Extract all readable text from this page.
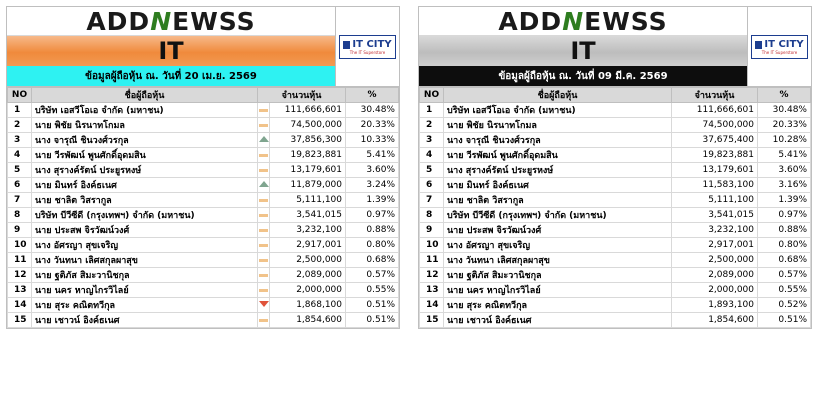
ADD N EWSS
IT
ข้อมูลผู้ถือหุ้น ณ. วันที่ 20 เม.ย. 2569
IT CITY
The IT Superstore
NO	ชื่อผู้ถือหุ้น	จำนวนหุ้น		%
1	บริษัท เอสวีโอเอ จำกัด (มหาชน)		111,666,601	30.48%
2	นาย พิชัย นิรนาทโกมล		74,500,000	20.33%
3	นาง จารุณี ชินวงศ์วรกุล		37,856,300	10.33%
4	นาย วีรพัฒน์ พูนศักดิ์อุดมสิน		19,823,881	5.41%
5	นาง สุรางค์รัตน์ ประยูรหงษ์		13,179,601	3.60%
6	นาย มินทร์ อิงค์ธเนศ		11,879,000	3.24%
7	นาย ชาลิต วิสรากูล		5,111,100	1.39%
8	บริษัท บีวีซีดี (กรุงเทพฯ) จำกัด (มหาชน)		3,541,015	0.97%
9	นาย ประสพ จิรวัฒน์วงศ์		3,232,100	0.88%
10	นาง อัศรญา สุขเจริญ		2,917,001	0.80%
11	นาง วันทนา เลิศสกุลผาสุข		2,500,000	0.68%
12	นาย ฐติภัส สิมะวานิชกุล		2,089,000	0.57%
13	นาย นคร หาญไกรวิไลย์		2,000,000	0.55%
14	นาย สุระ คณิตทวีกุล		1,868,100	0.51%
15	นาย เชาวน์ อิงค์ธเนศ		1,854,600	0.51%
ADD N EWSS
IT
ข้อมูลผู้ถือหุ้น ณ. วันที่ 09 มี.ค. 2569
IT CITY
The IT Superstore
NO	ชื่อผู้ถือหุ้น	จำนวนหุ้น	%
1	บริษัท เอสวีโอเอ จำกัด (มหาชน)	111,666,601	30.48%
2	นาย พิชัย นิรนาทโกมล	74,500,000	20.33%
3	นาง จารุณี ชินวงศ์วรกุล	37,675,400	10.28%
4	นาย วีรพัฒน์ พูนศักดิ์อุดมสิน	19,823,881	5.41%
5	นาง สุรางค์รัตน์ ประยูรหงษ์	13,179,601	3.60%
6	นาย มินทร์ อิงค์ธเนศ	11,583,100	3.16%
7	นาย ชาลิต วิสรากูล	5,111,100	1.39%
8	บริษัท บีวีซีดี (กรุงเทพฯ) จำกัด (มหาชน)	3,541,015	0.97%
9	นาย ประสพ จิรวัฒน์วงศ์	3,232,100	0.88%
10	นาง อัศรญา สุขเจริญ	2,917,001	0.80%
11	นาง วันทนา เลิศสกุลผาสุข	2,500,000	0.68%
12	นาย ฐติภัส สิมะวานิชกุล	2,089,000	0.57%
13	นาย นคร หาญไกรวิไลย์	2,000,000	0.55%
14	นาย สุระ คณิตทวีกุล	1,893,100	0.52%
15	นาย เชาวน์ อิงค์ธเนศ	1,854,600	0.51%
